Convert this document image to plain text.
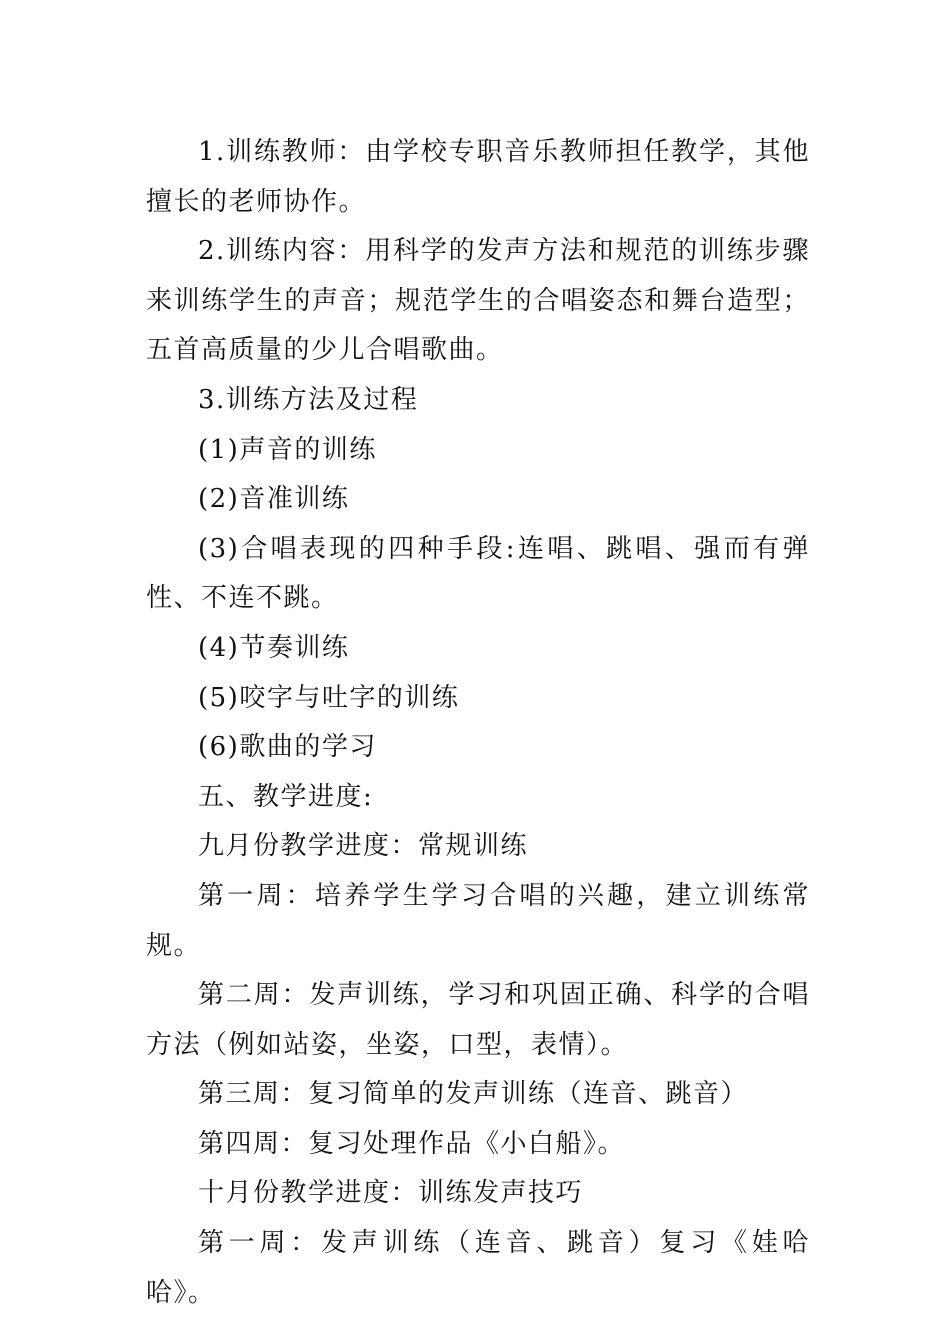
1.训练教师：由学校专职音乐教师担任教学，其他擅长的老师协作。

2.训练内容：用科学的发声方法和规范的训练步骤来训练学生的声音；规范学生的合唱姿态和舞台造型；五首高质量的少儿合唱歌曲。

3.训练方法及过程

(1)声音的训练

(2)音准训练

(3)合唱表现的四种手段:连唱、跳唱、强而有弹性、不连不跳。

(4)节奏训练

(5)咬字与吐字的训练

(6)歌曲的学习

五、教学进度:

九月份教学进度：常规训练

第一周：培养学生学习合唱的兴趣，建立训练常规。

第二周：发声训练，学习和巩固正确、科学的合唱方法（例如站姿，坐姿，口型，表情）。

第三周：复习简单的发声训练（连音、跳音）

第四周：复习处理作品《小白船》。

十月份教学进度：训练发声技巧

第一周：发声训练（连音、跳音）复习《娃哈哈》。
